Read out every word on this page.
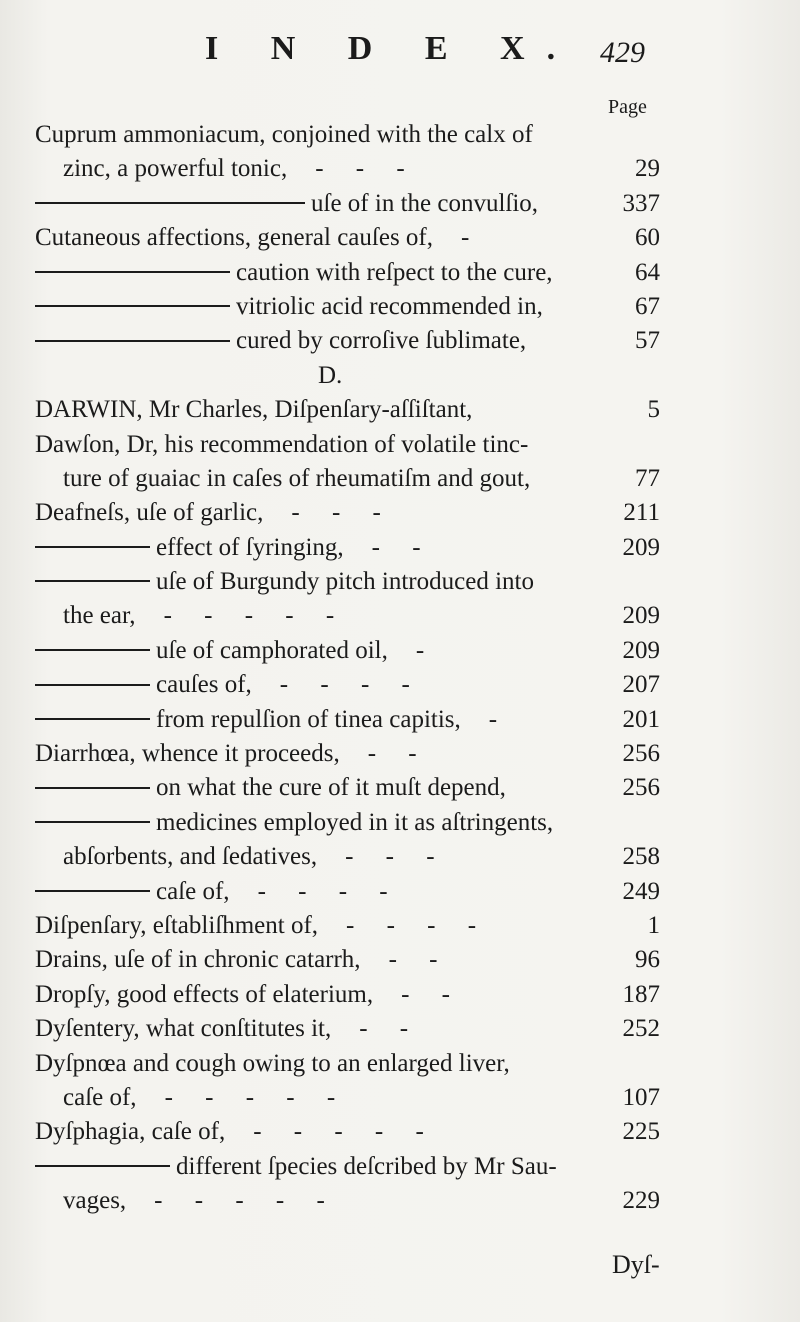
I N D E X. 429
Page
Cuprum ammoniacum, conjoined with the calx of
zinc, a powerful tonic, - - -	29
uſe of in the convulſio,	337
Cutaneous affections, general cauſes of, -	60
caution with reſpect to the cure,	64
vitriolic acid recommended in,	67
cured by corroſive ſublimate,	57
D.
DARWIN, Mr Charles, Diſpenſary-aſſiſtant,	5
Dawſon, Dr, his recommendation of volatile tinc-
ture of guaiac in caſes of rheumatiſm and gout,	77
Deafneſs, uſe of garlic, - - -	211
effect of ſyringing, - -	209
uſe of Burgundy pitch introduced into
the ear, - - - - -	209
uſe of camphorated oil, -	209
cauſes of, - - - -	207
from repulſion of tinea capitis, -	201
Diarrhœa, whence it proceeds, - -	256
on what the cure of it muſt depend,	256
medicines employed in it as aſtringents,
abſorbents, and ſedatives, - - -	258
caſe of, - - - -	249
Diſpenſary, eſtabliſhment of, - - - -	1
Drains, uſe of in chronic catarrh, - -	96
Dropſy, good effects of elaterium, - -	187
Dyſentery, what conſtitutes it, - -	252
Dyſpnœa and cough owing to an enlarged liver,
caſe of, - - - - -	107
Dyſphagia, caſe of, - - - - -	225
different ſpecies deſcribed by Mr Sau-
vages, - - - - -	229
Dyſ-
